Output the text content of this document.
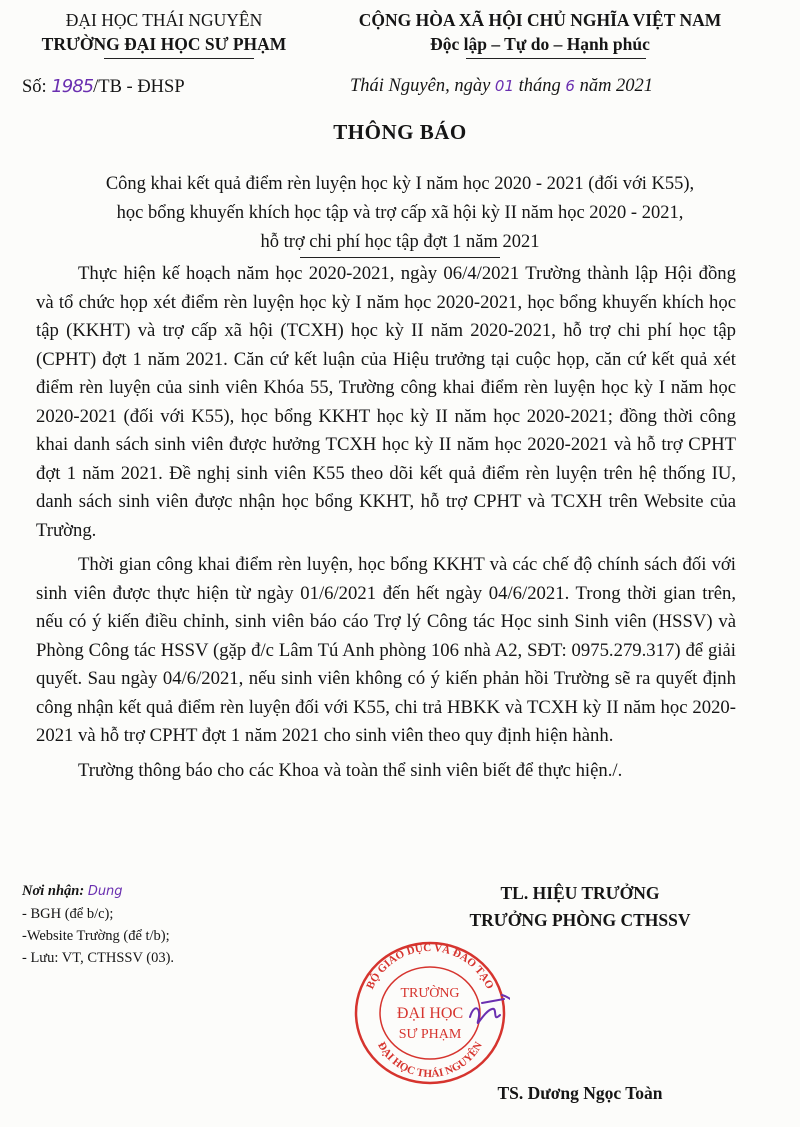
ĐẠI HỌC THÁI NGUYÊN
TRƯỜNG ĐẠI HỌC SƯ PHẠM
CỘNG HÒA XÃ HỘI CHỦ NGHĨA VIỆT NAM
Độc lập – Tự do – Hạnh phúc
Số: 1985/TB - ĐHSP	Thái Nguyên, ngày 01 tháng 6 năm 2021
THÔNG BÁO
Công khai kết quả điểm rèn luyện học kỳ I năm học 2020 - 2021 (đối với K55),
học bổng khuyến khích học tập và trợ cấp xã hội kỳ II năm học 2020 - 2021,
hỗ trợ chi phí học tập đợt 1 năm 2021

Thực hiện kế hoạch năm học 2020-2021, ngày 06/4/2021 Trường thành lập Hội đồng và tổ chức họp xét điểm rèn luyện học kỳ I năm học 2020-2021, học bổng khuyến khích học tập (KKHT) và trợ cấp xã hội (TCXH) học kỳ II năm 2020-2021, hỗ trợ chi phí học tập (CPHT) đợt 1 năm 2021. Căn cứ kết luận của Hiệu trưởng tại cuộc họp, căn cứ kết quả xét điểm rèn luyện của sinh viên Khóa 55, Trường công khai điểm rèn luyện học kỳ I năm học 2020-2021 (đối với K55), học bổng KKHT học kỳ II năm học 2020-2021; đồng thời công khai danh sách sinh viên được hưởng TCXH học kỳ II năm học 2020-2021 và hỗ trợ CPHT đợt 1 năm 2021. Đề nghị sinh viên K55 theo dõi kết quả điểm rèn luyện trên hệ thống IU, danh sách sinh viên được nhận học bổng KKHT, hỗ trợ CPHT và TCXH trên Website của Trường.

Thời gian công khai điểm rèn luyện, học bổng KKHT và các chế độ chính sách đối với sinh viên được thực hiện từ ngày 01/6/2021 đến hết ngày 04/6/2021. Trong thời gian trên, nếu có ý kiến điều chỉnh, sinh viên báo cáo Trợ lý Công tác Học sinh Sinh viên (HSSV) và Phòng Công tác HSSV (gặp đ/c Lâm Tú Anh phòng 106 nhà A2, SĐT: 0975.279.317) để giải quyết. Sau ngày 04/6/2021, nếu sinh viên không có ý kiến phản hồi Trường sẽ ra quyết định công nhận kết quả điểm rèn luyện đối với K55, chi trả HBKK và TCXH kỳ II năm học 2020-2021 và hỗ trợ CPHT đợt 1 năm 2021 cho sinh viên theo quy định hiện hành.

Trường thông báo cho các Khoa và toàn thể sinh viên biết để thực hiện./.

Nơi nhận: Dung
- BGH (để b/c);
-Website Trường (để t/b);
- Lưu: VT, CTHSSV (03).
TL. HIỆU TRƯỞNG
TRƯỞNG PHÒNG CTHSSV
BỘ GIÁO DỤC VÀ ĐÀO TẠO
ĐẠI HỌC THÁI NGUYÊN
TRƯỜNG
ĐẠI HỌC
SƯ PHẠM
TS. Dương Ngọc Toàn
